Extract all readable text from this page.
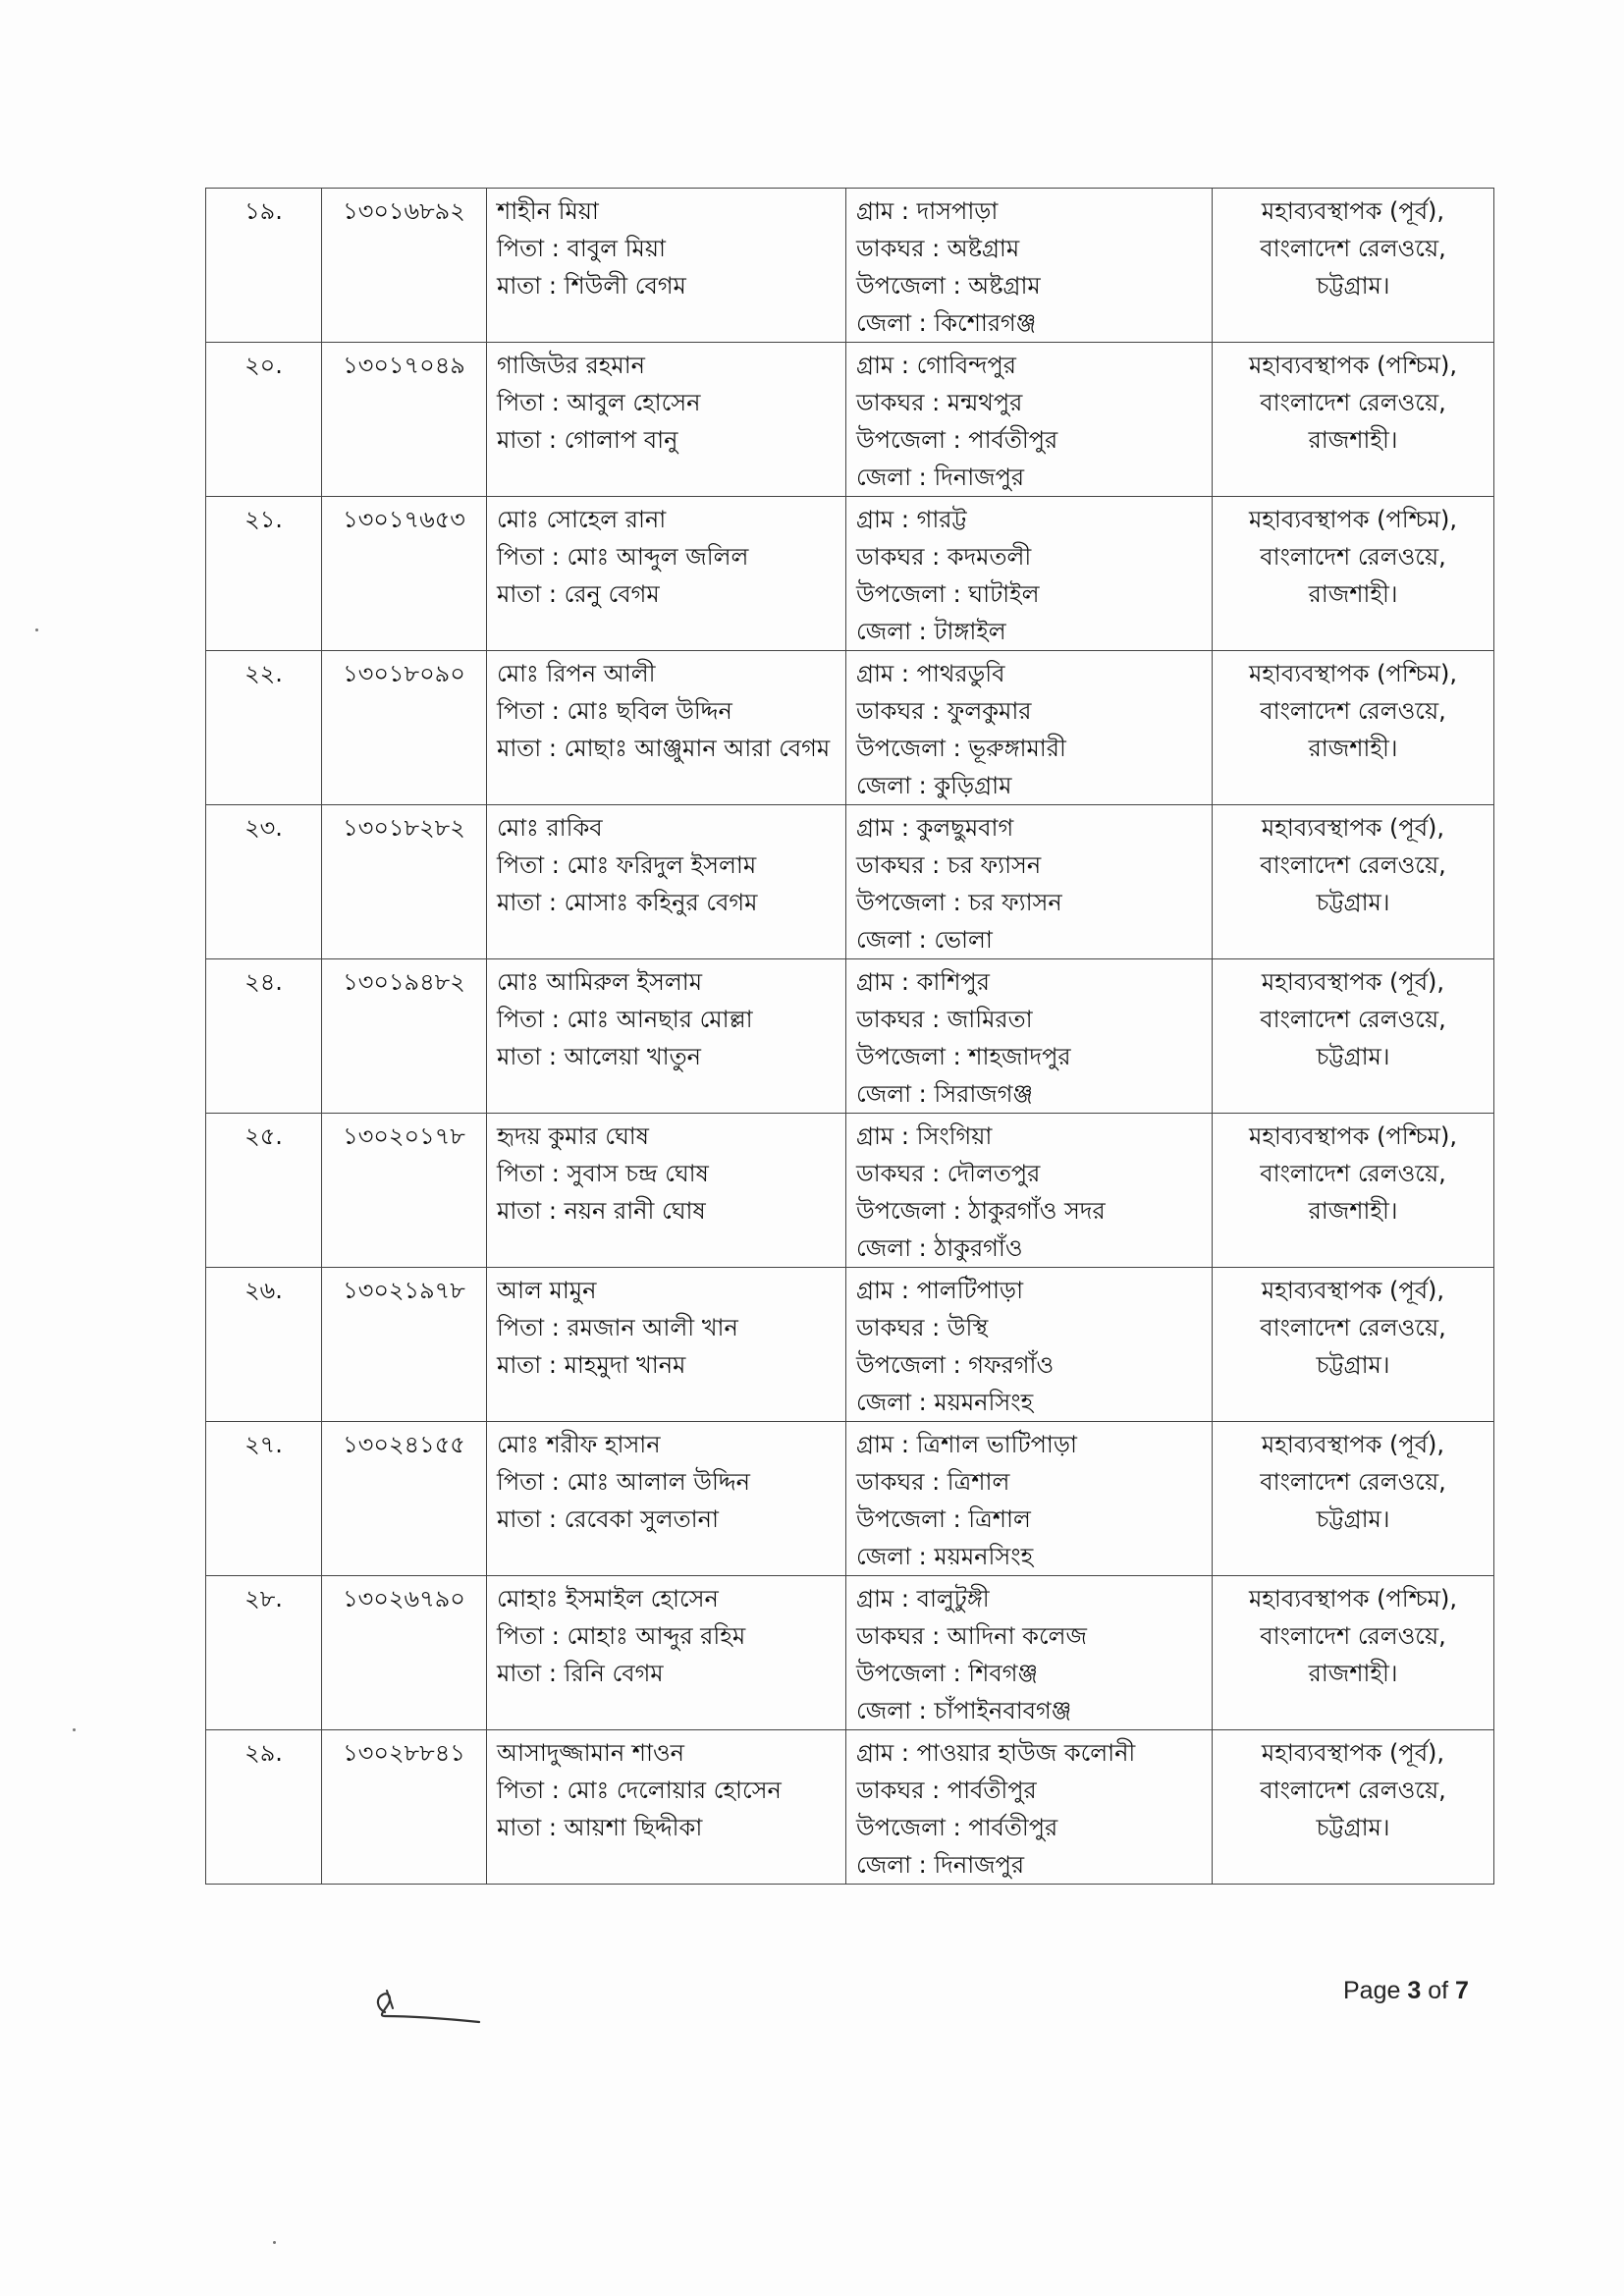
১৯.	১৩০১৬৮৯২	শাহীন মিয়া
পিতা : বাবুল মিয়া
মাতা : শিউলী বেগম	গ্রাম : দাসপাড়া
ডাকঘর : অষ্টগ্রাম
উপজেলা : অষ্টগ্রাম
জেলা : কিশোরগঞ্জ	মহাব্যবস্থাপক (পূর্ব),
বাংলাদেশ রেলওয়ে,
চট্টগ্রাম।

২০.	১৩০১৭০৪৯	গাজিউর রহমান
পিতা : আবুল হোসেন
মাতা : গোলাপ বানু	গ্রাম : গোবিন্দপুর
ডাকঘর : মন্মথপুর
উপজেলা : পার্বতীপুর
জেলা : দিনাজপুর	মহাব্যবস্থাপক (পশ্চিম),
বাংলাদেশ রেলওয়ে,
রাজশাহী।

২১.	১৩০১৭৬৫৩	মোঃ সোহেল রানা
পিতা : মোঃ আব্দুল জলিল
মাতা : রেনু বেগম	গ্রাম : গারট্ট
ডাকঘর : কদমতলী
উপজেলা : ঘাটাইল
জেলা : টাঙ্গাইল	মহাব্যবস্থাপক (পশ্চিম),
বাংলাদেশ রেলওয়ে,
রাজশাহী।

২২.	১৩০১৮০৯০	মোঃ রিপন আলী
পিতা : মোঃ ছবিল উদ্দিন
মাতা : মোছাঃ আঞ্জুমান আরা বেগম	গ্রাম : পাথরডুবি
ডাকঘর : ফুলকুমার
উপজেলা : ভূরুঙ্গামারী
জেলা : কুড়িগ্রাম	মহাব্যবস্থাপক (পশ্চিম),
বাংলাদেশ রেলওয়ে,
রাজশাহী।

২৩.	১৩০১৮২৮২	মোঃ রাকিব
পিতা : মোঃ ফরিদুল ইসলাম
মাতা : মোসাঃ কহিনুর বেগম	গ্রাম : কুলছুমবাগ
ডাকঘর : চর ফ্যাসন
উপজেলা : চর ফ্যাসন
জেলা : ভোলা	মহাব্যবস্থাপক (পূর্ব),
বাংলাদেশ রেলওয়ে,
চট্টগ্রাম।

২৪.	১৩০১৯৪৮২	মোঃ আমিরুল ইসলাম
পিতা : মোঃ আনছার মোল্লা
মাতা : আলেয়া খাতুন	গ্রাম : কাশিপুর
ডাকঘর : জামিরতা
উপজেলা : শাহজাদপুর
জেলা : সিরাজগঞ্জ	মহাব্যবস্থাপক (পূর্ব),
বাংলাদেশ রেলওয়ে,
চট্টগ্রাম।

২৫.	১৩০২০১৭৮	হৃদয় কুমার ঘোষ
পিতা : সুবাস চন্দ্র ঘোষ
মাতা : নয়ন রানী ঘোষ	গ্রাম : সিংগিয়া
ডাকঘর : দৌলতপুর
উপজেলা : ঠাকুরগাঁও সদর
জেলা : ঠাকুরগাঁও	মহাব্যবস্থাপক (পশ্চিম),
বাংলাদেশ রেলওয়ে,
রাজশাহী।

২৬.	১৩০২১৯৭৮	আল মামুন
পিতা : রমজান আলী খান
মাতা : মাহমুদা খানম	গ্রাম : পালটিপাড়া
ডাকঘর : উস্থি
উপজেলা : গফরগাঁও
জেলা : ময়মনসিংহ	মহাব্যবস্থাপক (পূর্ব),
বাংলাদেশ রেলওয়ে,
চট্টগ্রাম।

২৭.	১৩০২৪১৫৫	মোঃ শরীফ হাসান
পিতা : মোঃ আলাল উদ্দিন
মাতা : রেবেকা সুলতানা	গ্রাম : ত্রিশাল ভাটিপাড়া
ডাকঘর : ত্রিশাল
উপজেলা : ত্রিশাল
জেলা : ময়মনসিংহ	মহাব্যবস্থাপক (পূর্ব),
বাংলাদেশ রেলওয়ে,
চট্টগ্রাম।

২৮.	১৩০২৬৭৯০	মোহাঃ ইসমাইল হোসেন
পিতা : মোহাঃ আব্দুর রহিম
মাতা : রিনি বেগম	গ্রাম : বালুটুঙ্গী
ডাকঘর : আদিনা কলেজ
উপজেলা : শিবগঞ্জ
জেলা : চাঁপাইনবাবগঞ্জ	মহাব্যবস্থাপক (পশ্চিম),
বাংলাদেশ রেলওয়ে,
রাজশাহী।

২৯.	১৩০২৮৮৪১	আসাদুজ্জামান শাওন
পিতা : মোঃ দেলোয়ার হোসেন
মাতা : আয়শা ছিদ্দীকা	গ্রাম : পাওয়ার হাউজ কলোনী
ডাকঘর : পার্বতীপুর
উপজেলা : পার্বতীপুর
জেলা : দিনাজপুর	মহাব্যবস্থাপক (পূর্ব),
বাংলাদেশ রেলওয়ে,
চট্টগ্রাম।
Page 3 of 7
